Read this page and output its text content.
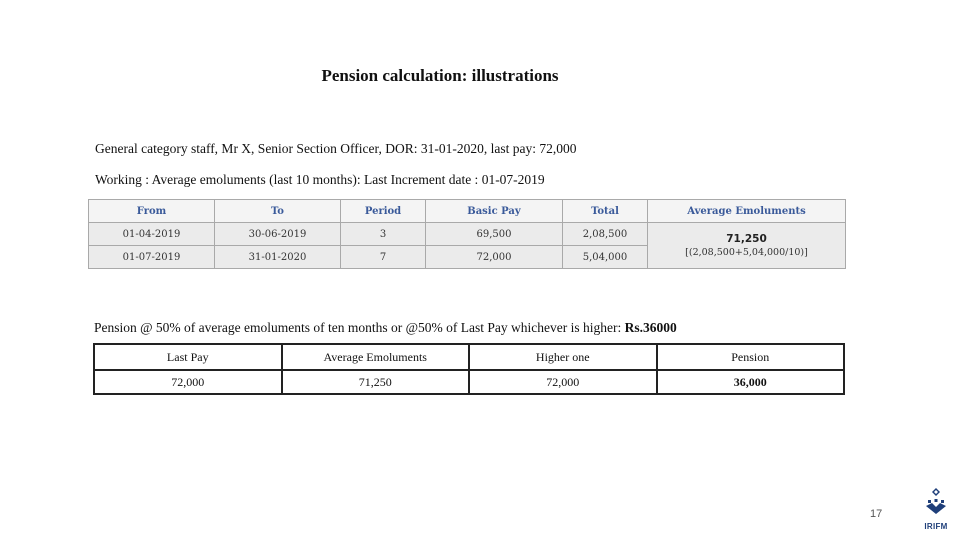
Pension calculation: illustrations
General category staff, Mr X, Senior Section Officer, DOR: 31-01-2020, last pay: 72,000
Working : Average emoluments (last 10 months): Last Increment date : 01-07-2019
From	To	Period	Basic Pay	Total	Average Emoluments
01-04-2019	30-06-2019	3	69,500	2,08,500	71,250
[(2,08,500+5,04,000/10)]

01-07-2019	31-01-2020	7	72,000	5,04,000	
Pension @ 50% of average emoluments of ten months or @50% of Last Pay whichever is higher: Rs.36000
Last Pay	Average Emoluments	Higher one	Pension
72,000	71,250	72,000	36,000
17
IRIFM
